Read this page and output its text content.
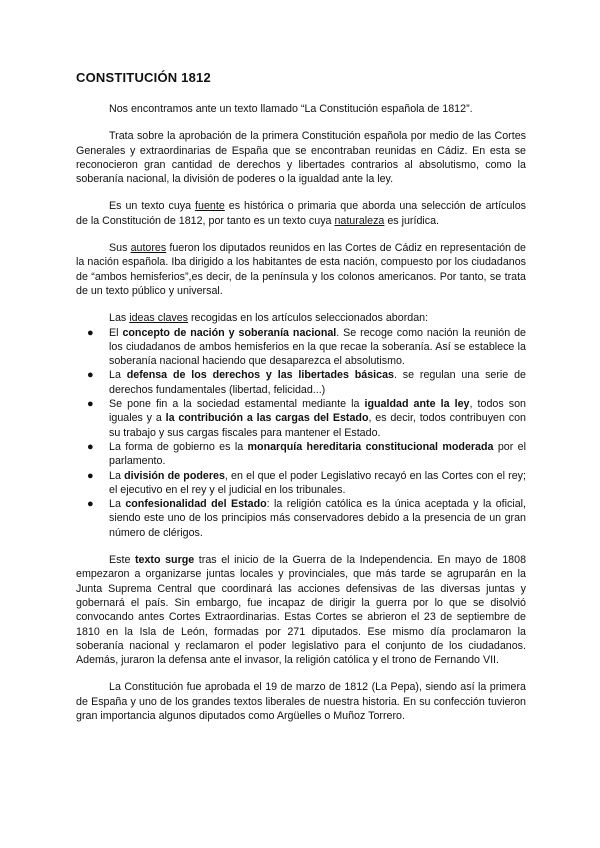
CONSTITUCIÓN 1812

Nos encontramos ante un texto llamado “La Constitución española de 1812”.

Trata sobre la aprobación de la primera Constitución española por medio de las Cortes Generales y extraordinarias de España que se encontraban reunidas en Cádiz. En esta se reconocieron gran cantidad de derechos y libertades contrarios al absolutismo, como la soberanía nacional, la división de poderes o la igualdad ante la ley.

Es un texto cuya fuente es histórica o primaria que aborda una selección de artículos de la Constitución de 1812, por tanto es un texto cuya naturaleza es jurídica.

Sus autores fueron los diputados reunidos en las Cortes de Cádiz en representación de la nación española. Iba dirigido a los habitantes de esta nación, compuesto por los ciudadanos de “ambos hemisferios”,es decir, de la península y los colonos americanos. Por tanto, se trata de un texto público y universal.

Las ideas claves recogidas en los artículos seleccionados abordan:

● El concepto de nación y soberanía nacional. Se recoge como nación la reunión de los ciudadanos de ambos hemisferios en la que recae la soberanía. Así se establece la soberanía nacional haciendo que desaparezca el absolutismo.
● La defensa de los derechos y las libertades básicas. se regulan una serie de derechos fundamentales (libertad, felicidad...)
● Se pone fin a la sociedad estamental mediante la igualdad ante la ley, todos son iguales y a la contribución a las cargas del Estado, es decir, todos contribuyen con su trabajo y sus cargas fiscales para mantener el Estado.
● La forma de gobierno es la monarquía hereditaria constitucional moderada por el parlamento.
● La división de poderes, en el que el poder Legislativo recayó en las Cortes con el rey; el ejecutivo en el rey y el judicial en los tribunales.
● La confesionalidad del Estado: la religión católica es la única aceptada y la oficial, siendo este uno de los principios más conservadores debido a la presencia de un gran número de clérigos.

Este texto surge tras el inicio de la Guerra de la Independencia. En mayo de 1808 empezaron a organizarse juntas locales y provinciales, que más tarde se agruparán en la Junta Suprema Central que coordinará las acciones defensivas de las diversas juntas y gobernará el país. Sin embargo, fue incapaz de dirigir la guerra por lo que se disolvió convocando antes Cortes Extraordinarias. Estas Cortes se abrieron el 23 de septiembre de 1810 en la Isla de León, formadas por 271 diputados. Ese mismo día proclamaron la soberanía nacional y reclamaron el poder legislativo para el conjunto de los ciudadanos. Además, juraron la defensa ante el invasor, la religión católica y el trono de Fernando VII.

La Constitución fue aprobada el 19 de marzo de 1812 (La Pepa), siendo así la primera de España y uno de los grandes textos liberales de nuestra historia. En su confección tuvieron gran importancia algunos diputados como Argüelles o Muñoz Torrero.
